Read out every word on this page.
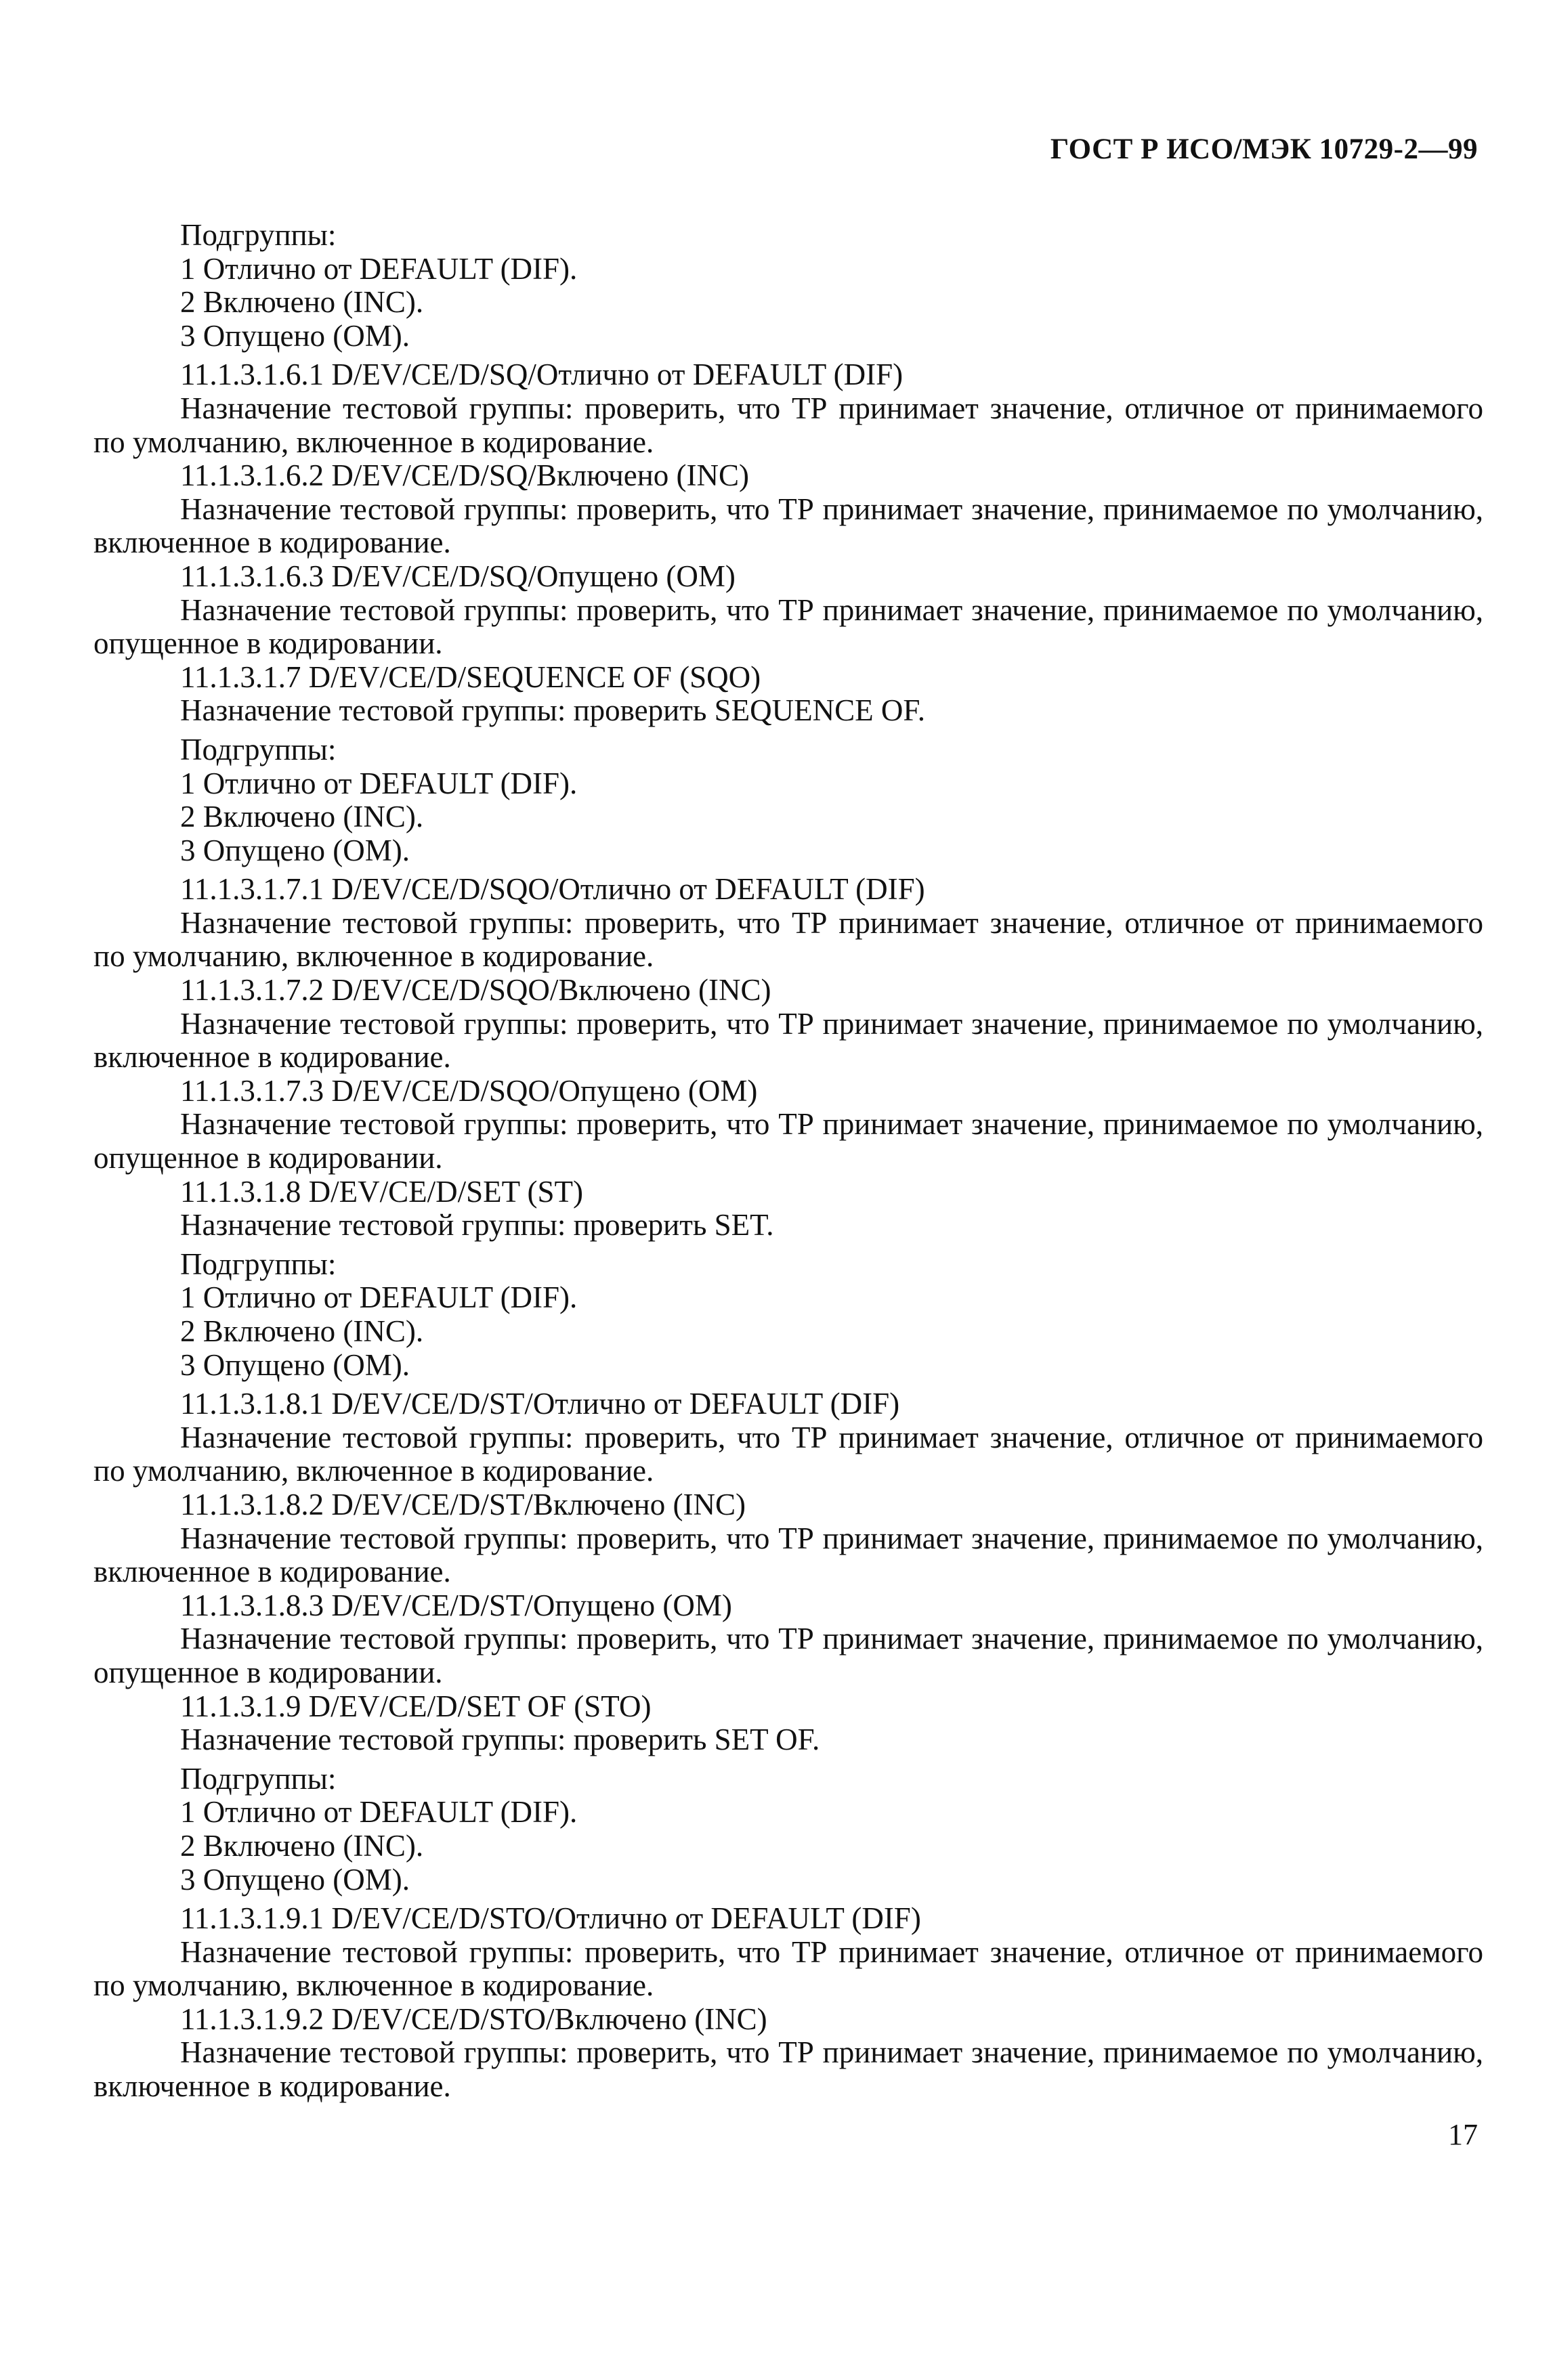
ГОСТ Р ИСО/МЭК 10729-2—99

Подгруппы:

1 Отлично от DEFAULT (DIF).

2 Включено (INC).

3 Опущено (OM).

11.1.3.1.6.1 D/EV/CE/D/SQ/Отлично от DEFAULT (DIF)

Назначение тестовой группы: проверить, что ТР принимает значение, отличное от принимаемого по умолчанию, включенное в кодирование.

11.1.3.1.6.2 D/EV/CE/D/SQ/Включено (INC)

Назначение тестовой группы: проверить, что ТР принимает значение, принимаемое по умолчанию, включенное в кодирование.

11.1.3.1.6.3 D/EV/CE/D/SQ/Опущено (OM)

Назначение тестовой группы: проверить, что ТР принимает значение, принимаемое по умолчанию, опущенное в кодировании.

11.1.3.1.7 D/EV/CE/D/SEQUENCE OF (SQO)

Назначение тестовой группы: проверить SEQUENCE OF.

Подгруппы:

1 Отлично от DEFAULT (DIF).

2 Включено (INC).

3 Опущено (OM).

11.1.3.1.7.1 D/EV/CE/D/SQO/Отлично от DEFAULT (DIF)

Назначение тестовой группы: проверить, что ТР принимает значение, отличное от принимаемого по умолчанию, включенное в кодирование.

11.1.3.1.7.2 D/EV/CE/D/SQO/Включено (INC)

Назначение тестовой группы: проверить, что ТР принимает значение, принимаемое по умолчанию, включенное в кодирование.

11.1.3.1.7.3 D/EV/CE/D/SQO/Опущено (OM)

Назначение тестовой группы: проверить, что ТР принимает значение, принимаемое по умолчанию, опущенное в кодировании.

11.1.3.1.8 D/EV/CE/D/SET (ST)

Назначение тестовой группы: проверить SET.

Подгруппы:

1 Отлично от DEFAULT (DIF).

2 Включено (INC).

3 Опущено (OM).

11.1.3.1.8.1 D/EV/CE/D/ST/Отлично от DEFAULT (DIF)

Назначение тестовой группы: проверить, что ТР принимает значение, отличное от принимаемого по умолчанию, включенное в кодирование.

11.1.3.1.8.2 D/EV/CE/D/ST/Включено (INC)

Назначение тестовой группы: проверить, что ТР принимает значение, принимаемое по умолчанию, включенное в кодирование.

11.1.3.1.8.3 D/EV/CE/D/ST/Опущено (OM)

Назначение тестовой группы: проверить, что ТР принимает значение, принимаемое по умолчанию, опущенное в кодировании.

11.1.3.1.9 D/EV/CE/D/SET OF (STO)

Назначение тестовой группы: проверить SET OF.

Подгруппы:

1 Отлично от DEFAULT (DIF).

2 Включено (INC).

3 Опущено (OM).

11.1.3.1.9.1 D/EV/CE/D/STO/Отлично от DEFAULT (DIF)

Назначение тестовой группы: проверить, что ТР принимает значение, отличное от принимаемого по умолчанию, включенное в кодирование.

11.1.3.1.9.2 D/EV/CE/D/STO/Включено (INC)

Назначение тестовой группы: проверить, что ТР принимает значение, принимаемое по умолчанию, включенное в кодирование.

17
